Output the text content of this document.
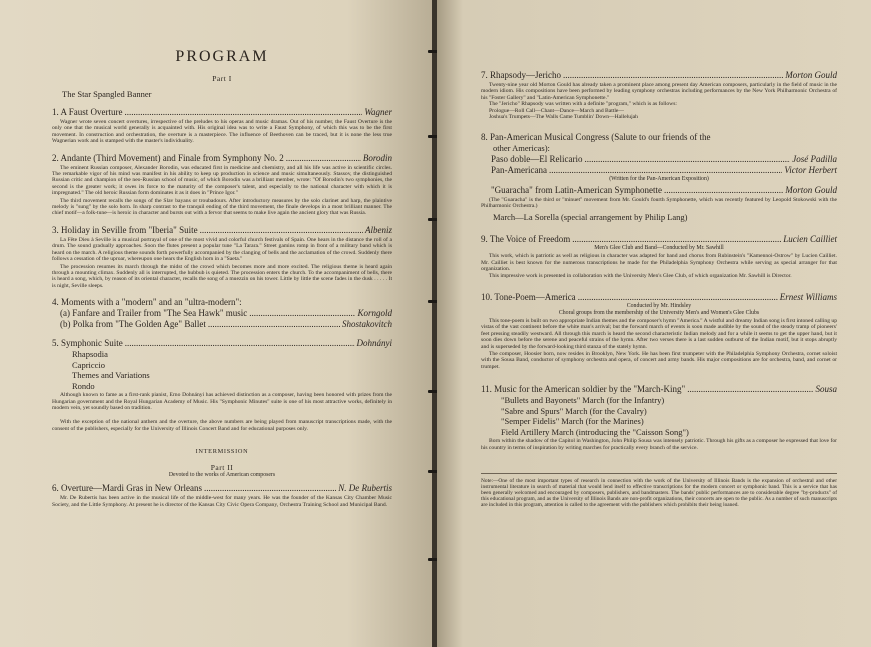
PROGRAM
Part I
The Star Spangled Banner
1. A Faust Overture .....	Wagner

Wagner wrote seven concert overtures, irrespective of the preludes to his operas and music dramas. Out of his number, the Faust Overture is the only one that the musical world generally is acquainted with. His original idea was to write a Faust Symphony, of which this was to be the first movement. In construction and orchestration, the overture is a masterpiece. The influence of Beethoven can be traced, but it is none the less true Wagnerian work and is stamped with the master's individuality.

2. Andante (Third Movement) and Finale from Symphony No. 2 .....	Borodin

The eminent Russian composer, Alexander Borodin, was educated first in medicine and chemistry, and all his life was active in scientific circles. The remarkable vigor of his mind was manifest in his ability to keep up production in science and music simultaneously. Stassov, the distinguished Russian critic and champion of the neo-Russian school of music, of which Borodin was a brilliant member, wrote: "Of Borodin's two symphonies, the second is the greater work; it owes its force to the maturity of the composer's talent, and especially to the national character with which it is impregnated." The old heroic Russian form dominates it as it does in "Prince Igor."

The third movement recalls the songs of the Slav bayans or troubadours. After introductory measures by the solo clarinet and harp, the plaintive melody is "sung" by the solo horn. In sharp contrast to the tranquil ending of the third movement, the finale develops in a most brilliant manner. The chief motif—a folk-tune—is heroic in character and bursts out with a fervor that seems to make live again the ancient glory that was Russia.

3. Holiday in Seville from "Iberia" Suite .....	Albeniz

La Fête Dieu à Seville is a musical portrayal of one of the most vivid and colorful church festivals of Spain. One hears in the distance the roll of a drum. The sound gradually approaches. Soon the flutes present a popular tune "La Tarara." Street gamins romp in front of a military band which is heard on the march. A religious theme sounds forth powerfully accompanied by the clanging of bells and the acclamation of the crowd. Suddenly there follows a cessation of the uproar, whereupon one hears the English horn in a "Saeta."

The procession resumes its march through the midst of the crowd which becomes more and more excited. The religious theme is heard again through a mounting climax. Suddenly all is interrupted, the hubbub is quieted. The procession enters the church. To the accompaniment of bells, there is heard a song, which, by reason of its oriental character, recalls the song of a muezzin on his tower. Little by little the scene fades in the dusk . . . . . It is night, Seville sleeps.

4. Moments with a "modern" and an "ultra-modern":
(a) Fanfare and Trailer from "The Sea Hawk" music .....	Korngold
(b) Polka from "The Golden Age" Ballet .....	Shostakovitch
5. Symphonic Suite .....	Dohnányi
Rhapsodia
Capriccio
Themes and Variations
Rondo

Although known to fame as a first-rank pianist, Erno Dohnányi has achieved distinction as a composer, having been honored with prizes from the Hungarian government and the Royal Hungarian Academy of Music. His "Symphonic Minutes" suite is one of his most attractive works, definitely in modern vein, yet soundly based on tradition.

With the exception of the national anthem and the overture, the above numbers are being played from manuscript transcriptions made, with the consent of the publishers, especially for the University of Illinois Concert Band and for educational purposes only.

INTERMISSION
Part II
Devoted to the works of American composers
6. Overture—Mardi Gras in New Orleans .....	N. De Rubertis

Mr. De Rubertis has been active in the musical life of the middle-west for many years. He was the founder of the Kansas City Chamber Music Society, and the Little Symphony. At present he is director of the Kansas City Civic Opera Company, Orchestra Training School and Municipal Band.

7. Rhapsody—Jericho .....	Morton Gould

Twenty-nine year old Morton Gould has already taken a prominent place among present day American composers, particularly in the field of music in the modern idiom. His compositions have been performed by leading symphony orchestras including performances by the New York Philharmonic Orchestra of his "Foster Gallery" and "Latin-American Symphonette."

The "Jericho" Rhapsody was written with a definite "program," which is as follows:

Prologue—Roll Call—Chant—Dance—March and Battle—

Joshua's Trumpets—The Walls Came Tumblin' Down—Hallelujah

8. Pan-American Musical Congress (Salute to our friends of the
other Americas):
Paso doble—El Relicario .....	José Padilla
Pan-Americana .....	Victor Herbert
(Written for the Pan-American Exposition)
"Guaracha" from Latin-American Symphonette .....	Morton Gould

(The "Guaracha" is the third or "minuet" movement from Mr. Gould's fourth Symphonette, which was recently featured by Leopold Stokowski with the Philharmonic Orchestra.)

March—La Sorella (special arrangement by Philip Lang)
9. The Voice of Freedom .....	Lucien Cailliet
Men's Glee Club and Band—Conducted by Mr. Sawhill

This work, which is patriotic as well as religious in character was adapted for band and chorus from Rubinstein's "Kamennoi-Ostrow" by Lucien Cailliet. Mr. Cailliet is best known for the numerous transcriptions he made for the Philadelphia Symphony Orchestra while serving as special arranger for that organization.

This impressive work is presented in collaboration with the University Men's Glee Club, of which organization Mr. Sawhill is Director.

10. Tone-Poem—America .....	Ernest Williams
Conducted by Mr. Hindsley
Choral groups from the membership of the University Men's and Women's Glee Clubs

This tone-poem is built on two appropriate Indian themes and the composer's hymn "America." A wistful and dreamy Indian song is first intoned calling up vistas of the vast continent before the white man's arrival; but the forward march of events is soon made audible by the sound of the steady tramp of pioneers' feet pressing steadily westward. All through this march is heard the second characteristic Indian melody and for a while it seems to get the upper hand, but it soon dies down before the serene and peaceful strains of the hymn. After two verses there is a last sudden outburst of the Indian motif, but it stops abruptly and is superseded by the forward-looking third stanza of the stately hymn.

The composer, Hoosier born, now resides in Brooklyn, New York. He has been first trumpeter with the Philadelphia Symphony Orchestra, cornet soloist with the Sousa Band, conductor of symphony orchestra and opera, of concert and army bands. His major compositions are for orchestra, band, and cornet or trumpet.

11. Music for the American soldier by the "March-King" .....	Sousa
"Bullets and Bayonets" March (for the Infantry)
"Sabre and Spurs" March (for the Cavalry)
"Semper Fidelis" March (for the Marines)
Field Artillery March (introducing the "Caisson Song")

Born within the shadow of the Capitol in Washington, John Philip Sousa was intensely patriotic. Through his gifts as a composer he expressed that love for his country in terms of inspiration by writing marches for practically every branch of the service.

Note:—One of the most important types of research in connection with the work of the University of Illinois Bands is the expansion of orchestral and other instrumental literature in search of material that would lend itself to effective transcriptions for the modern concert or symphonic band. This is a service that has been generally welcomed and encouraged by composers, publishers, and bandmasters. The bands' public performances are to considerable degree "by-products" of this educational program, and as the University of Illinois Bands are non-profit organizations, their concerts are open to the public. As a number of such manuscripts are included in this program, attention is called to the agreement with the publishers which prohibits their being loaned.
